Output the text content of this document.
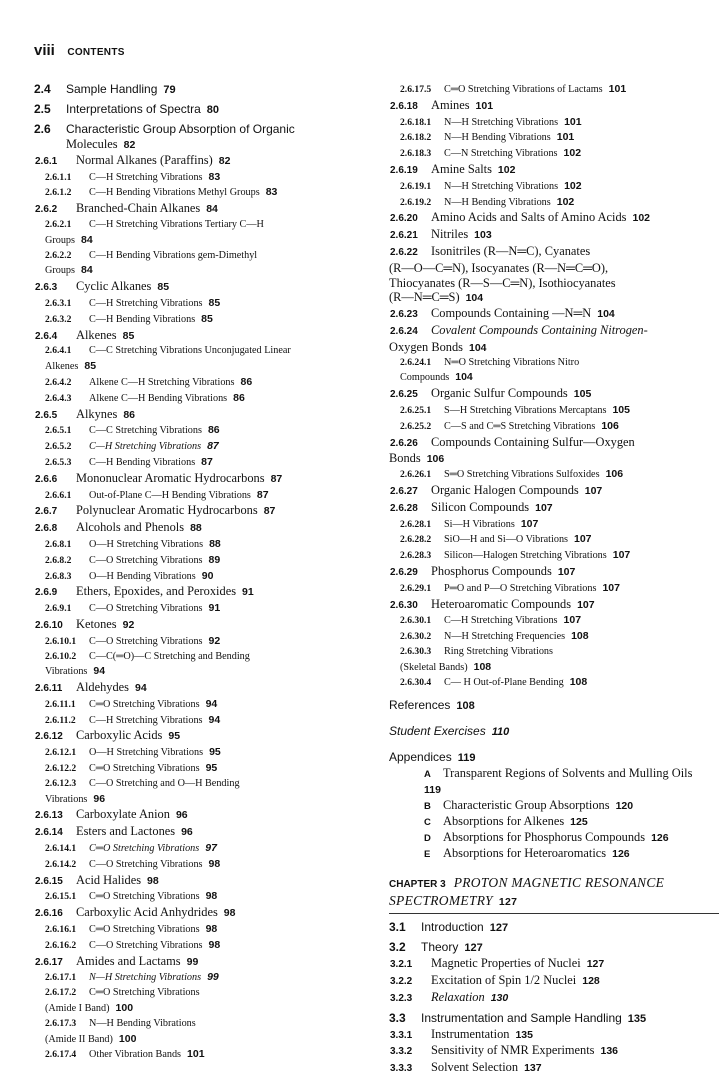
viii CONTENTS
2.4 Sample Handling 79
2.5 Interpretations of Spectra 80
2.6 Characteristic Group Absorption of Organic
Molecules 82
2.6.1 Normal Alkanes (Paraffins) 82
2.6.1.1 C—H Stretching Vibrations 83
2.6.1.2 C—H Bending Vibrations Methyl Groups 83
2.6.2 Branched-Chain Alkanes 84
2.6.2.1 C—H Stretching Vibrations Tertiary C—H
Groups 84
2.6.2.2 C—H Bending Vibrations gem-Dimethyl
Groups 84
2.6.3 Cyclic Alkanes 85
2.6.3.1 C—H Stretching Vibrations 85
2.6.3.2 C—H Bending Vibrations 85
2.6.4 Alkenes 85
2.6.4.1 C—C Stretching Vibrations Unconjugated Linear
Alkenes 85
2.6.4.2 Alkene C—H Stretching Vibrations 86
2.6.4.3 Alkene C—H Bending Vibrations 86
2.6.5 Alkynes 86
2.6.5.1 C—C Stretching Vibrations 86
2.6.5.2 C—H Stretching Vibrations 87
2.6.5.3 C—H Bending Vibrations 87
2.6.6 Mononuclear Aromatic Hydrocarbons 87
2.6.6.1 Out-of-Plane C—H Bending Vibrations 87
2.6.7 Polynuclear Aromatic Hydrocarbons 87
2.6.8 Alcohols and Phenols 88
2.6.8.1 O—H Stretching Vibrations 88
2.6.8.2 C—O Stretching Vibrations 89
2.6.8.3 O—H Bending Vibrations 90
2.6.9 Ethers, Epoxides, and Peroxides 91
2.6.9.1 C—O Stretching Vibrations 91
2.6.10 Ketones 92
2.6.10.1 C—O Stretching Vibrations 92
2.6.10.2 C—C(═O)—C Stretching and Bending
Vibrations 94
2.6.11 Aldehydes 94
2.6.11.1 C═O Stretching Vibrations 94
2.6.11.2 C—H Stretching Vibrations 94
2.6.12 Carboxylic Acids 95
2.6.12.1 O—H Stretching Vibrations 95
2.6.12.2 C═O Stretching Vibrations 95
2.6.12.3 C—O Stretching and O—H Bending
Vibrations 96
2.6.13 Carboxylate Anion 96
2.6.14 Esters and Lactones 96
2.6.14.1 C═O Stretching Vibrations 97
2.6.14.2 C—O Stretching Vibrations 98
2.6.15 Acid Halides 98
2.6.15.1 C═O Stretching Vibrations 98
2.6.16 Carboxylic Acid Anhydrides 98
2.6.16.1 C═O Stretching Vibrations 98
2.6.16.2 C—O Stretching Vibrations 98
2.6.17 Amides and Lactams 99
2.6.17.1 N—H Stretching Vibrations 99
2.6.17.2 C═O Stretching Vibrations
(Amide I Band) 100
2.6.17.3 N—H Bending Vibrations
(Amide II Band) 100
2.6.17.4 Other Vibration Bands 101
2.6.17.5 C═O Stretching Vibrations of Lactams 101
2.6.18 Amines 101
2.6.18.1 N—H Stretching Vibrations 101
2.6.18.2 N—H Bending Vibrations 101
2.6.18.3 C—N Stretching Vibrations 102
2.6.19 Amine Salts 102
2.6.19.1 N—H Stretching Vibrations 102
2.6.19.2 N—H Bending Vibrations 102
2.6.20 Amino Acids and Salts of Amino Acids 102
2.6.21 Nitriles 103
2.6.22 Isonitriles (R—N═C), Cyanates
(R—O—C═N), Isocyanates (R—N═C═O),
Thiocyanates (R—S—C═N), Isothiocyanates
(R—N═C═S) 104
2.6.23 Compounds Containing —N═N 104
2.6.24 Covalent Compounds Containing Nitrogen-
Oxygen Bonds 104
2.6.24.1 N═O Stretching Vibrations Nitro
Compounds 104
2.6.25 Organic Sulfur Compounds 105
2.6.25.1 S—H Stretching Vibrations Mercaptans 105
2.6.25.2 C—S and C═S Stretching Vibrations 106
2.6.26 Compounds Containing Sulfur—Oxygen
Bonds 106
2.6.26.1 S═O Stretching Vibrations Sulfoxides 106
2.6.27 Organic Halogen Compounds 107
2.6.28 Silicon Compounds 107
2.6.28.1 Si—H Vibrations 107
2.6.28.2 SiO—H and Si—O Vibrations 107
2.6.28.3 Silicon—Halogen Stretching Vibrations 107
2.6.29 Phosphorus Compounds 107
2.6.29.1 P═O and P—O Stretching Vibrations 107
2.6.30 Heteroaromatic Compounds 107
2.6.30.1 C—H Stretching Vibrations 107
2.6.30.2 N—H Stretching Frequencies 108
2.6.30.3 Ring Stretching Vibrations
(Skeletal Bands) 108
2.6.30.4 C— H Out-of-Plane Bending 108
References 108
Student Exercises 110
Appendices 119
A Transparent Regions of Solvents and Mulling Oils
119
B Characteristic Group Absorptions 120
C Absorptions for Alkenes 125
D Absorptions for Phosphorus Compounds 126
E Absorptions for Heteroaromatics 126
CHAPTER 3 PROTON MAGNETIC RESONANCE
SPECTROMETRY 127
3.1 Introduction 127
3.2 Theory 127
3.2.1 Magnetic Properties of Nuclei 127
3.2.2 Excitation of Spin 1/2 Nuclei 128
3.2.3 Relaxation 130
3.3 Instrumentation and Sample Handling 135
3.3.1 Instrumentation 135
3.3.2 Sensitivity of NMR Experiments 136
3.3.3 Solvent Selection 137
